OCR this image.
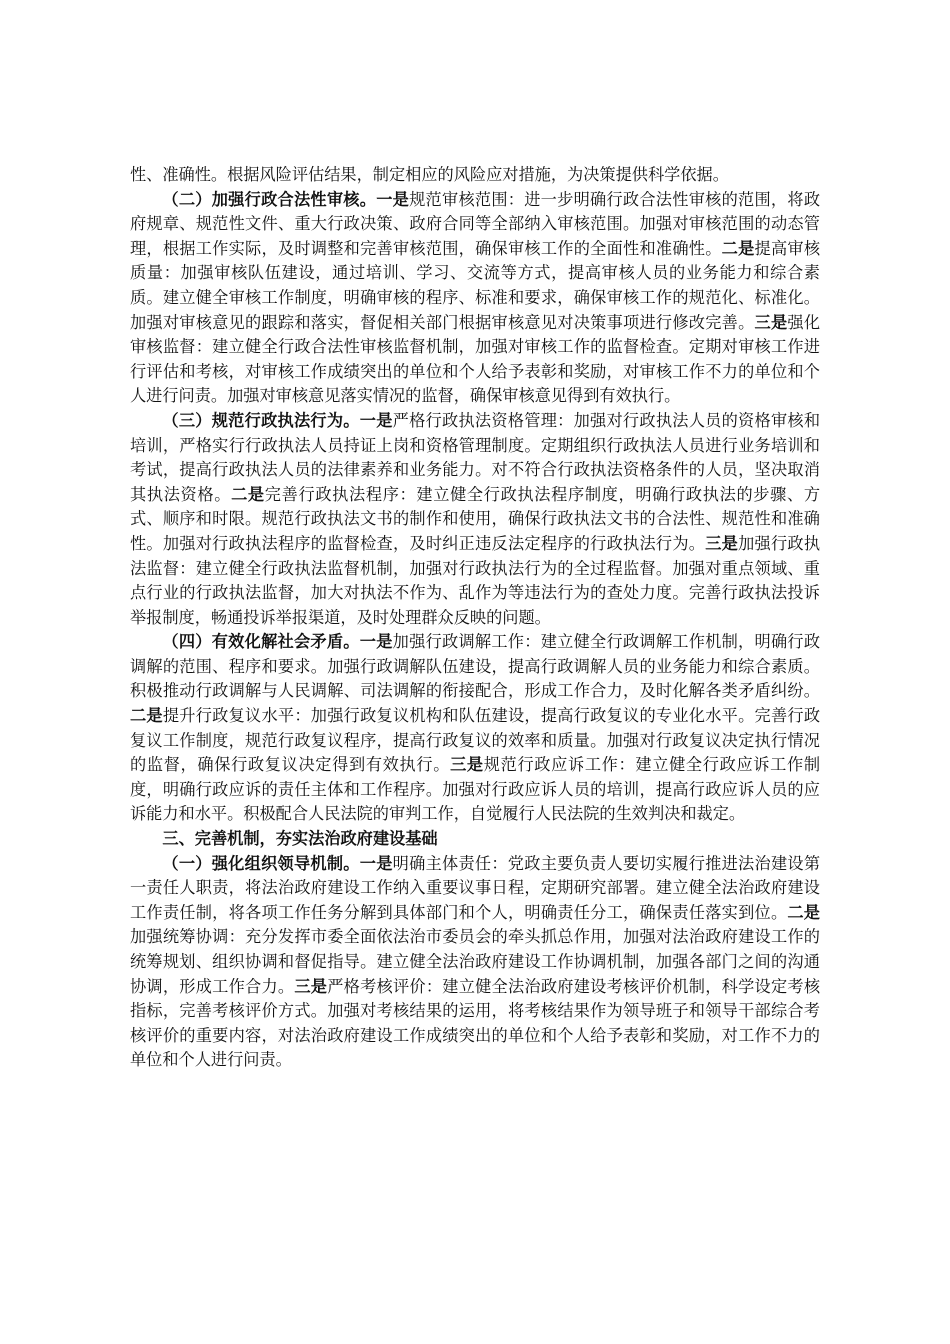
性、准确性。根据风险评估结果，制定相应的风险应对措施，为决策提供科学依据。

（二）加强行政合法性审核。一是规范审核范围：进一步明确行政合法性审核的范围，将政府规章、规范性文件、重大行政决策、政府合同等全部纳入审核范围。加强对审核范围的动态管理，根据工作实际，及时调整和完善审核范围，确保审核工作的全面性和准确性。二是提高审核质量：加强审核队伍建设，通过培训、学习、交流等方式，提高审核人员的业务能力和综合素质。建立健全审核工作制度，明确审核的程序、标准和要求，确保审核工作的规范化、标准化。加强对审核意见的跟踪和落实，督促相关部门根据审核意见对决策事项进行修改完善。三是强化审核监督：建立健全行政合法性审核监督机制，加强对审核工作的监督检查。定期对审核工作进行评估和考核，对审核工作成绩突出的单位和个人给予表彰和奖励，对审核工作不力的单位和个人进行问责。加强对审核意见落实情况的监督，确保审核意见得到有效执行。

（三）规范行政执法行为。一是严格行政执法资格管理：加强对行政执法人员的资格审核和培训，严格实行行政执法人员持证上岗和资格管理制度。定期组织行政执法人员进行业务培训和考试，提高行政执法人员的法律素养和业务能力。对不符合行政执法资格条件的人员，坚决取消其执法资格。二是完善行政执法程序：建立健全行政执法程序制度，明确行政执法的步骤、方式、顺序和时限。规范行政执法文书的制作和使用，确保行政执法文书的合法性、规范性和准确性。加强对行政执法程序的监督检查，及时纠正违反法定程序的行政执法行为。三是加强行政执法监督：建立健全行政执法监督机制，加强对行政执法行为的全过程监督。加强对重点领域、重点行业的行政执法监督，加大对执法不作为、乱作为等违法行为的查处力度。完善行政执法投诉举报制度，畅通投诉举报渠道，及时处理群众反映的问题。

（四）有效化解社会矛盾。一是加强行政调解工作：建立健全行政调解工作机制，明确行政调解的范围、程序和要求。加强行政调解队伍建设，提高行政调解人员的业务能力和综合素质。积极推动行政调解与人民调解、司法调解的衔接配合，形成工作合力，及时化解各类矛盾纠纷。二是提升行政复议水平：加强行政复议机构和队伍建设，提高行政复议的专业化水平。完善行政复议工作制度，规范行政复议程序，提高行政复议的效率和质量。加强对行政复议决定执行情况的监督，确保行政复议决定得到有效执行。三是规范行政应诉工作：建立健全行政应诉工作制度，明确行政应诉的责任主体和工作程序。加强对行政应诉人员的培训，提高行政应诉人员的应诉能力和水平。积极配合人民法院的审判工作，自觉履行人民法院的生效判决和裁定。

三、完善机制，夯实法治政府建设基础

（一）强化组织领导机制。一是明确主体责任：党政主要负责人要切实履行推进法治建设第一责任人职责，将法治政府建设工作纳入重要议事日程，定期研究部署。建立健全法治政府建设工作责任制，将各项工作任务分解到具体部门和个人，明确责任分工，确保责任落实到位。二是加强统筹协调：充分发挥市委全面依法治市委员会的牵头抓总作用，加强对法治政府建设工作的统筹规划、组织协调和督促指导。建立健全法治政府建设工作协调机制，加强各部门之间的沟通协调，形成工作合力。三是严格考核评价：建立健全法治政府建设考核评价机制，科学设定考核指标，完善考核评价方式。加强对考核结果的运用，将考核结果作为领导班子和领导干部综合考核评价的重要内容，对法治政府建设工作成绩突出的单位和个人给予表彰和奖励，对工作不力的单位和个人进行问责。
